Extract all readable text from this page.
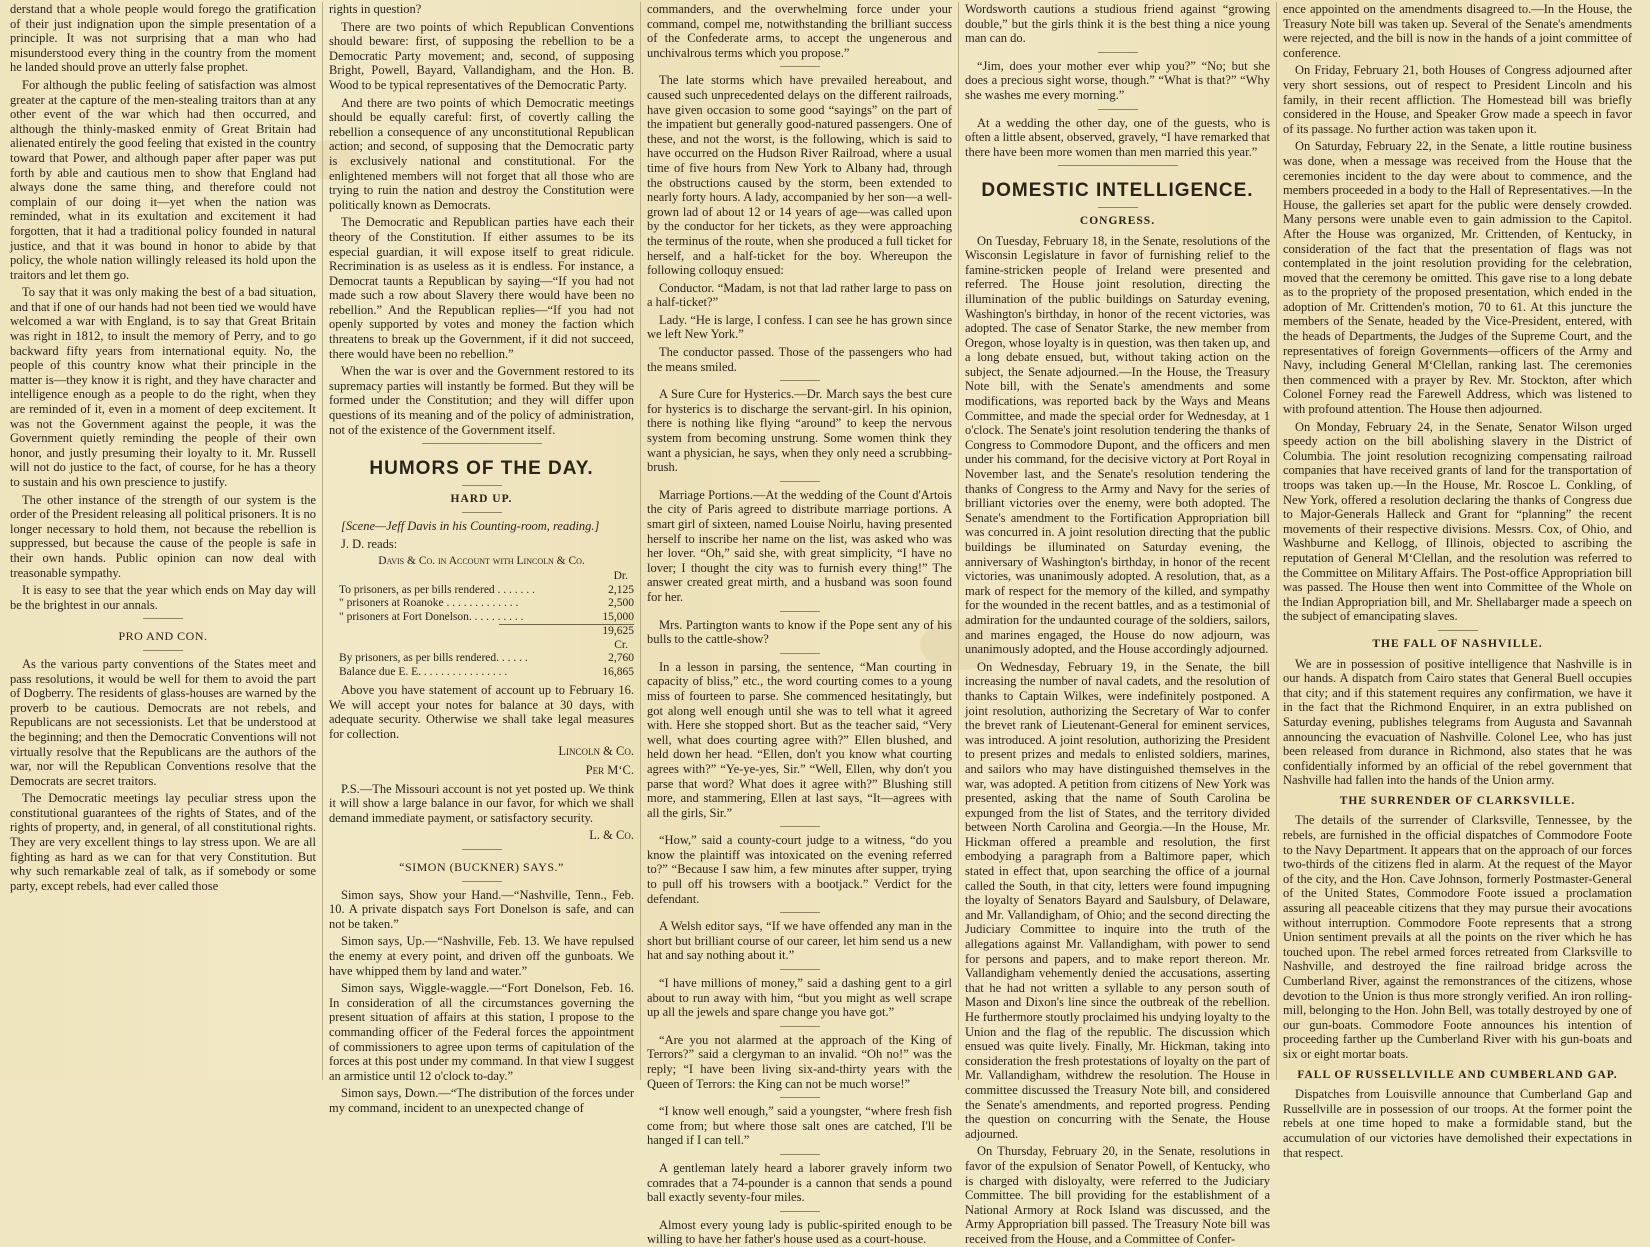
derstand that a whole people would forego the gratification of their just indignation upon the simple presentation of a principle. It was not surprising that a man who had misunderstood every thing in the country from the moment he landed should prove an utterly false prophet.

For although the public feeling of satisfaction was almost greater at the capture of the men-stealing traitors than at any other event of the war which had then occurred, and although the thinly-masked enmity of Great Britain had alienated entirely the good feeling that existed in the country toward that Power, and although paper after paper was put forth by able and cautious men to show that England had always done the same thing, and therefore could not complain of our doing it—yet when the nation was reminded, what in its exultation and excitement it had forgotten, that it had a traditional policy founded in natural justice, and that it was bound in honor to abide by that policy, the whole nation willingly released its hold upon the traitors and let them go.

To say that it was only making the best of a bad situation, and that if one of our hands had not been tied we would have welcomed a war with England, is to say that Great Britain was right in 1812, to insult the memory of Perry, and to go backward fifty years from international equity. No, the people of this country know what their principle in the matter is—they know it is right, and they have character and intelligence enough as a people to do the right, when they are reminded of it, even in a moment of deep excitement. It was not the Government against the people, it was the Government quietly reminding the people of their own honor, and justly presuming their loyalty to it. Mr. Russell will not do justice to the fact, of course, for he has a theory to sustain and his own prescience to justify.

The other instance of the strength of our system is the order of the President releasing all political prisoners. It is no longer necessary to hold them, not because the rebellion is suppressed, but because the cause of the people is safe in their own hands. Public opinion can now deal with treasonable sympathy.

It is easy to see that the year which ends on May day will be the brightest in our annals.

PRO AND CON.

As the various party conventions of the States meet and pass resolutions, it would be well for them to avoid the part of Dogberry. The residents of glass-houses are warned by the proverb to be cautious. Democrats are not rebels, and Republicans are not secessionists. Let that be understood at the beginning; and then the Democratic Conventions will not virtually resolve that the Republicans are the authors of the war, nor will the Republican Conventions resolve that the Democrats are secret traitors.

The Democratic meetings lay peculiar stress upon the constitutional guarantees of the rights of States, and of the rights of property, and, in general, of all constitutional rights. They are very excellent things to lay stress upon. We are all fighting as hard as we can for that very Constitution. But why such remarkable zeal of talk, as if somebody or some party, except rebels, had ever called those

rights in question?

There are two points of which Republican Conventions should beware: first, of supposing the rebellion to be a Democratic Party movement; and, second, of supposing Bright, Powell, Bayard, Vallandigham, and the Hon. B. Wood to be typical representatives of the Democratic Party.

And there are two points of which Democratic meetings should be equally careful: first, of covertly calling the rebellion a consequence of any unconstitutional Republican action; and second, of supposing that the Democratic party is exclusively national and constitutional. For the enlightened members will not forget that all those who are trying to ruin the nation and destroy the Constitution were politically known as Democrats.

The Democratic and Republican parties have each their theory of the Constitution. If either assumes to be its especial guardian, it will expose itself to great ridicule. Recrimination is as useless as it is endless. For instance, a Democrat taunts a Republican by saying—“If you had not made such a row about Slavery there would have been no rebellion.” And the Republican replies—“If you had not openly supported by votes and money the faction which threatens to break up the Government, if it did not succeed, there would have been no rebellion.”

When the war is over and the Government restored to its supremacy parties will instantly be formed. But they will be formed under the Constitution; and they will differ upon questions of its meaning and of the policy of administration, not of the existence of the Government itself.

HUMORS OF THE DAY.
HARD UP.

[Scene—Jeff Davis in his Counting-room, reading.]

J. D. reads:

Davis & Co. in Account with Lincoln & Co.
Dr.
To prisoners, as per bills rendered . . . . . . .	2,125
" prisoners at Roanoke . . . . . . . . . . . . .	2,500
" prisoners at Fort Donelson. . . . . . . . . .	15,000
19,625
Cr.
By prisoners, as per bills rendered. . . . . .	2,760
Balance due E. E. . . . . . . . . . . . . . . .	16,865

Above you have statement of account up to February 16. We will accept your notes for balance at 30 days, with adequate security. Otherwise we shall take legal measures for collection.

Lincoln & Co.
Per M‘C.

P.S.—The Missouri account is not yet posted up. We think it will show a large balance in our favor, for which we shall demand immediate payment, or satisfactory security.

L. & Co.
“SIMON (BUCKNER) SAYS.”

Simon says, Show your Hand.—“Nashville, Tenn., Feb. 10. A private dispatch says Fort Donelson is safe, and can not be taken.”

Simon says, Up.—“Nashville, Feb. 13. We have repulsed the enemy at every point, and driven off the gunboats. We have whipped them by land and water.”

Simon says, Wiggle-waggle.—“Fort Donelson, Feb. 16. In consideration of all the circumstances governing the present situation of affairs at this station, I propose to the commanding officer of the Federal forces the appointment of commissioners to agree upon terms of capitulation of the forces at this post under my command. In that view I suggest an armistice until 12 o'clock to-day.”

Simon says, Down.—“The distribution of the forces under my command, incident to an unexpected change of

commanders, and the overwhelming force under your command, compel me, notwithstanding the brilliant success of the Confederate arms, to accept the ungenerous and unchivalrous terms which you propose.”

The late storms which have prevailed hereabout, and caused such unprecedented delays on the different railroads, have given occasion to some good “sayings” on the part of the impatient but generally good-natured passengers. One of these, and not the worst, is the following, which is said to have occurred on the Hudson River Railroad, where a usual time of five hours from New York to Albany had, through the obstructions caused by the storm, been extended to nearly forty hours. A lady, accompanied by her son—a well-grown lad of about 12 or 14 years of age—was called upon by the conductor for her tickets, as they were approaching the terminus of the route, when she produced a full ticket for herself, and a half-ticket for the boy. Whereupon the following colloquy ensued:

Conductor. “Madam, is not that lad rather large to pass on a half-ticket?”

Lady. “He is large, I confess. I can see he has grown since we left New York.”

The conductor passed. Those of the passengers who had the means smiled.

A Sure Cure for Hysterics.—Dr. March says the best cure for hysterics is to discharge the servant-girl. In his opinion, there is nothing like flying “around” to keep the nervous system from becoming unstrung. Some women think they want a physician, he says, when they only need a scrubbing-brush.

Marriage Portions.—At the wedding of the Count d'Artois the city of Paris agreed to distribute marriage portions. A smart girl of sixteen, named Louise Noirlu, having presented herself to inscribe her name on the list, was asked who was her lover. “Oh,” said she, with great simplicity, “I have no lover; I thought the city was to furnish every thing!” The answer created great mirth, and a husband was soon found for her.

Mrs. Partington wants to know if the Pope sent any of his bulls to the cattle-show?

In a lesson in parsing, the sentence, “Man courting in capacity of bliss,” etc., the word courting comes to a young miss of fourteen to parse. She commenced hesitatingly, but got along well enough until she was to tell what it agreed with. Here she stopped short. But as the teacher said, “Very well, what does courting agree with?” Ellen blushed, and held down her head. “Ellen, don't you know what courting agrees with?” “Ye-ye-yes, Sir.” “Well, Ellen, why don't you parse that word? What does it agree with?” Blushing still more, and stammering, Ellen at last says, “It—agrees with all the girls, Sir.”

“How,” said a county-court judge to a witness, “do you know the plaintiff was intoxicated on the evening referred to?” “Because I saw him, a few minutes after supper, trying to pull off his trowsers with a bootjack.” Verdict for the defendant.

A Welsh editor says, “If we have offended any man in the short but brilliant course of our career, let him send us a new hat and say nothing about it.”

“I have millions of money,” said a dashing gent to a girl about to run away with him, “but you might as well scrape up all the jewels and spare change you have got.”

“Are you not alarmed at the approach of the King of Terrors?” said a clergyman to an invalid. “Oh no!” was the reply; “I have been living six-and-thirty years with the Queen of Terrors: the King can not be much worse!”

“I know well enough,” said a youngster, “where fresh fish come from; but where those salt ones are catched, I'll be hanged if I can tell.”

A gentleman lately heard a laborer gravely inform two comrades that a 74-pounder is a cannon that sends a pound ball exactly seventy-four miles.

Almost every young lady is public-spirited enough to be willing to have her father's house used as a court-house.

Wordsworth cautions a studious friend against “growing double,” but the girls think it is the best thing a nice young man can do.

“Jim, does your mother ever whip you?” “No; but she does a precious sight worse, though.” “What is that?” “Why she washes me every morning.”

At a wedding the other day, one of the guests, who is often a little absent, observed, gravely, “I have remarked that there have been more women than men married this year.”

DOMESTIC INTELLIGENCE.
CONGRESS.

On Tuesday, February 18, in the Senate, resolutions of the Wisconsin Legislature in favor of furnishing relief to the famine-stricken people of Ireland were presented and referred. The House joint resolution, directing the illumination of the public buildings on Saturday evening, Washington's birthday, in honor of the recent victories, was adopted. The case of Senator Starke, the new member from Oregon, whose loyalty is in question, was then taken up, and a long debate ensued, but, without taking action on the subject, the Senate adjourned.—In the House, the Treasury Note bill, with the Senate's amendments and some modifications, was reported back by the Ways and Means Committee, and made the special order for Wednesday, at 1 o'clock. The Senate's joint resolution tendering the thanks of Congress to Commodore Dupont, and the officers and men under his command, for the decisive victory at Port Royal in November last, and the Senate's resolution tendering the thanks of Congress to the Army and Navy for the series of brilliant victories over the enemy, were both adopted. The Senate's amendment to the Fortification Appropriation bill was concurred in. A joint resolution directing that the public buildings be illuminated on Saturday evening, the anniversary of Washington's birthday, in honor of the recent victories, was unanimously adopted. A resolution, that, as a mark of respect for the memory of the killed, and sympathy for the wounded in the recent battles, and as a testimonial of admiration for the undaunted courage of the soldiers, sailors, and marines engaged, the House do now adjourn, was unanimously adopted, and the House accordingly adjourned.

On Wednesday, February 19, in the Senate, the bill increasing the number of naval cadets, and the resolution of thanks to Captain Wilkes, were indefinitely postponed. A joint resolution, authorizing the Secretary of War to confer the brevet rank of Lieutenant-General for eminent services, was introduced. A joint resolution, authorizing the President to present prizes and medals to enlisted soldiers, marines, and sailors who may have distinguished themselves in the war, was adopted. A petition from citizens of New York was presented, asking that the name of South Carolina be expunged from the list of States, and the territory divided between North Carolina and Georgia.—In the House, Mr. Hickman offered a preamble and resolution, the first embodying a paragraph from a Baltimore paper, which stated in effect that, upon searching the office of a journal called the South, in that city, letters were found impugning the loyalty of Senators Bayard and Saulsbury, of Delaware, and Mr. Vallandigham, of Ohio; and the second directing the Judiciary Committee to inquire into the truth of the allegations against Mr. Vallandigham, with power to send for persons and papers, and to make report thereon. Mr. Vallandigham vehemently denied the accusations, asserting that he had not written a syllable to any person south of Mason and Dixon's line since the outbreak of the rebellion. He furthermore stoutly proclaimed his undying loyalty to the Union and the flag of the republic. The discussion which ensued was quite lively. Finally, Mr. Hickman, taking into consideration the fresh protestations of loyalty on the part of Mr. Vallandigham, withdrew the resolution. The House in committee discussed the Treasury Note bill, and considered the Senate's amendments, and reported progress. Pending the question on concurring with the Senate, the House adjourned.

On Thursday, February 20, in the Senate, resolutions in favor of the expulsion of Senator Powell, of Kentucky, who is charged with disloyalty, were referred to the Judiciary Committee. The bill providing for the establishment of a National Armory at Rock Island was discussed, and the Army Appropriation bill passed. The Treasury Note bill was received from the House, and a Committee of Confer-

ence appointed on the amendments disagreed to.—In the House, the Treasury Note bill was taken up. Several of the Senate's amendments were rejected, and the bill is now in the hands of a joint committee of conference.

On Friday, February 21, both Houses of Congress adjourned after very short sessions, out of respect to President Lincoln and his family, in their recent affliction. The Homestead bill was briefly considered in the House, and Speaker Grow made a speech in favor of its passage. No further action was taken upon it.

On Saturday, February 22, in the Senate, a little routine business was done, when a message was received from the House that the ceremonies incident to the day were about to commence, and the members proceeded in a body to the Hall of Representatives.—In the House, the galleries set apart for the public were densely crowded. Many persons were unable even to gain admission to the Capitol. After the House was organized, Mr. Crittenden, of Kentucky, in consideration of the fact that the presentation of flags was not contemplated in the joint resolution providing for the celebration, moved that the ceremony be omitted. This gave rise to a long debate as to the propriety of the proposed presentation, which ended in the adoption of Mr. Crittenden's motion, 70 to 61. At this juncture the members of the Senate, headed by the Vice-President, entered, with the heads of Departments, the Judges of the Supreme Court, and the representatives of foreign Governments—officers of the Army and Navy, including General M‘Clellan, ranking last. The ceremonies then commenced with a prayer by Rev. Mr. Stockton, after which Colonel Forney read the Farewell Address, which was listened to with profound attention. The House then adjourned.

On Monday, February 24, in the Senate, Senator Wilson urged speedy action on the bill abolishing slavery in the District of Columbia. The joint resolution recognizing compensating railroad companies that have received grants of land for the transportation of troops was taken up.—In the House, Mr. Roscoe L. Conkling, of New York, offered a resolution declaring the thanks of Congress due to Major-Generals Halleck and Grant for “planning” the recent movements of their respective divisions. Messrs. Cox, of Ohio, and Washburne and Kellogg, of Illinois, objected to ascribing the reputation of General M‘Clellan, and the resolution was referred to the Committee on Military Affairs. The Post-office Appropriation bill was passed. The House then went into Committee of the Whole on the Indian Appropriation bill, and Mr. Shellabarger made a speech on the subject of emancipating slaves.

THE FALL OF NASHVILLE.

We are in possession of positive intelligence that Nashville is in our hands. A dispatch from Cairo states that General Buell occupies that city; and if this statement requires any confirmation, we have it in the fact that the Richmond Enquirer, in an extra published on Saturday evening, publishes telegrams from Augusta and Savannah announcing the evacuation of Nashville. Colonel Lee, who has just been released from durance in Richmond, also states that he was confidentially informed by an official of the rebel government that Nashville had fallen into the hands of the Union army.

THE SURRENDER OF CLARKSVILLE.

The details of the surrender of Clarksville, Tennessee, by the rebels, are furnished in the official dispatches of Commodore Foote to the Navy Department. It appears that on the approach of our forces two-thirds of the citizens fled in alarm. At the request of the Mayor of the city, and the Hon. Cave Johnson, formerly Postmaster-General of the United States, Commodore Foote issued a proclamation assuring all peaceable citizens that they may pursue their avocations without interruption. Commodore Foote represents that a strong Union sentiment prevails at all the points on the river which he has touched upon. The rebel armed forces retreated from Clarksville to Nashville, and destroyed the fine railroad bridge across the Cumberland River, against the remonstrances of the citizens, whose devotion to the Union is thus more strongly verified. An iron rolling-mill, belonging to the Hon. John Bell, was totally destroyed by one of our gun-boats. Commodore Foote announces his intention of proceeding farther up the Cumberland River with his gun-boats and six or eight mortar boats.

FALL OF RUSSELLVILLE AND CUMBERLAND GAP.

Dispatches from Louisville announce that Cumberland Gap and Russellville are in possession of our troops. At the former point the rebels at one time hoped to make a formidable stand, but the accumulation of our victories have demolished their expectations in that respect.
